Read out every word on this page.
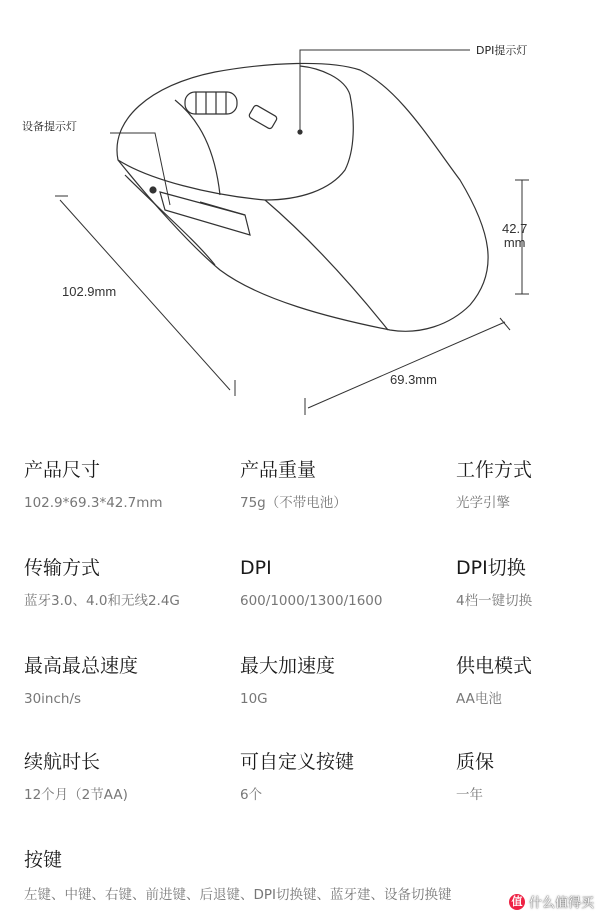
DPI提示灯
设备提示灯
102.9mm
69.3mm
42.7
mm
产品尺寸
102.9*69.3*42.7mm
产品重量
75g（不带电池）
工作方式
光学引擎
传输方式
蓝牙3.0、4.0和无线2.4G
DPI
600/1000/1300/1600
DPI切换
4档一键切换
最高最总速度
30inch/s
最大加速度
10G
供电模式
AA电池
续航时长
12个月（2节AA)
可自定义按键
6个
质保
一年
按键
左键、中键、右键、前进键、后退键、DPI切换键、蓝牙建、设备切换键	值 什么值得买
